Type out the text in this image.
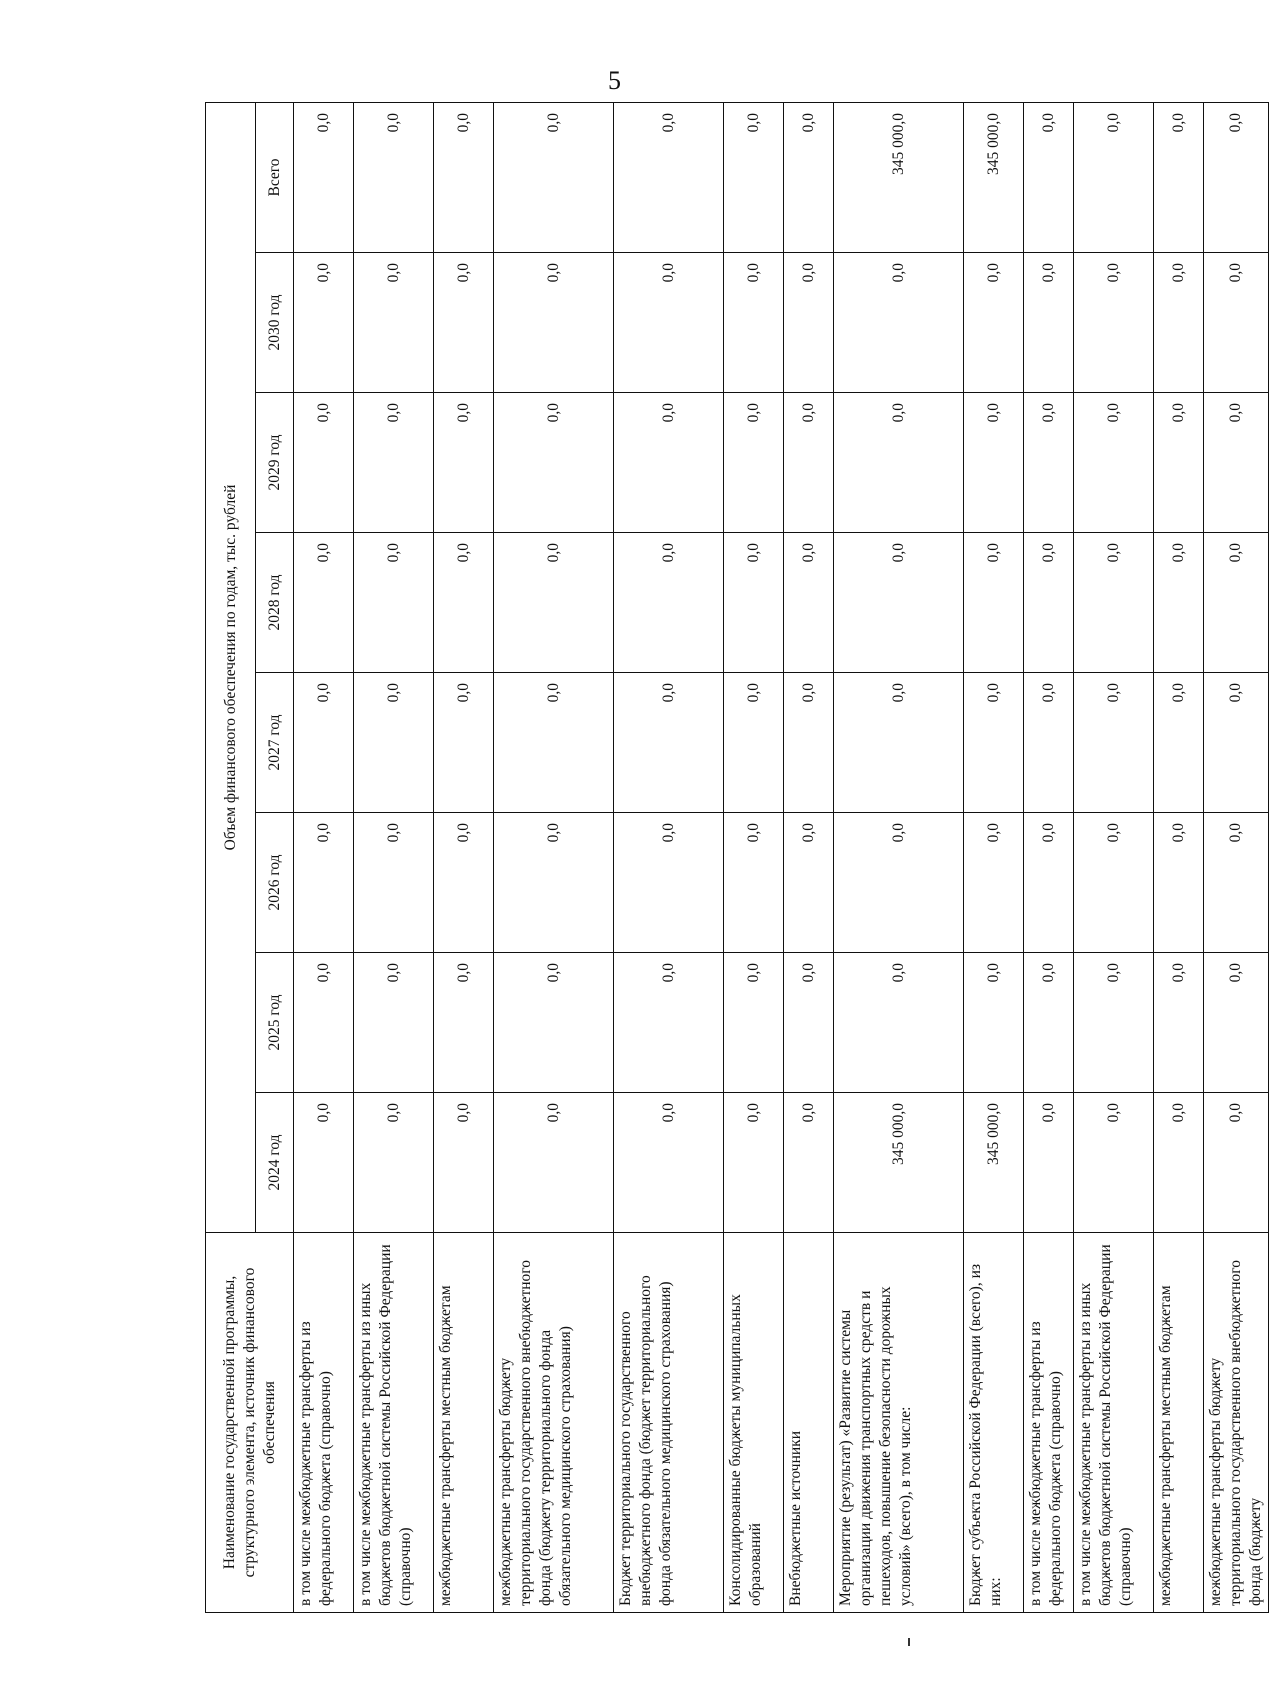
5
Наименование государственной программы, структурного элемента, источник финансового обеспечения	Объем финансового обеспечения по годам, тыс. рублей							
	2024 год	2025 год	2026 год	2027 год	2028 год	2029 год	2030 год	Всего
в том числе межбюджетные трансферты из федерального бюджета (справочно)	0,0	0,0	0,0	0,0	0,0	0,0	0,0	0,0
в том числе межбюджетные трансферты из иных бюджетов бюджетной системы Российской Федерации (справочно)	0,0	0,0	0,0	0,0	0,0	0,0	0,0	0,0
межбюджетные трансферты местным бюджетам	0,0	0,0	0,0	0,0	0,0	0,0	0,0	0,0
межбюджетные трансферты бюджету территориального государственного внебюджетного фонда (бюджету территориального фонда обязательного медицинского страхования)	0,0	0,0	0,0	0,0	0,0	0,0	0,0	0,0
Бюджет территориального государственного внебюджетного фонда (бюджет территориального фонда обязательного медицинского страхования)	0,0	0,0	0,0	0,0	0,0	0,0	0,0	0,0
Консолидированные бюджеты муниципальных образований	0,0	0,0	0,0	0,0	0,0	0,0	0,0	0,0
Внебюджетные источники	0,0	0,0	0,0	0,0	0,0	0,0	0,0	0,0
Мероприятие (результат) «Развитие системы организации движения транспортных средств и пешеходов, повышение безопасности дорожных условий» (всего), в том числе:	345 000,0	0,0	0,0	0,0	0,0	0,0	0,0	345 000,0
Бюджет субъекта Российской Федерации (всего), из них:	345 000,0	0,0	0,0	0,0	0,0	0,0	0,0	345 000,0
в том числе межбюджетные трансферты из федерального бюджета (справочно)	0,0	0,0	0,0	0,0	0,0	0,0	0,0	0,0
в том числе межбюджетные трансферты из иных бюджетов бюджетной системы Российской Федерации (справочно)	0,0	0,0	0,0	0,0	0,0	0,0	0,0	0,0
межбюджетные трансферты местным бюджетам	0,0	0,0	0,0	0,0	0,0	0,0	0,0	0,0
межбюджетные трансферты бюджету территориального государственного внебюджетного фонда (бюджету	0,0	0,0	0,0	0,0	0,0	0,0	0,0	0,0
